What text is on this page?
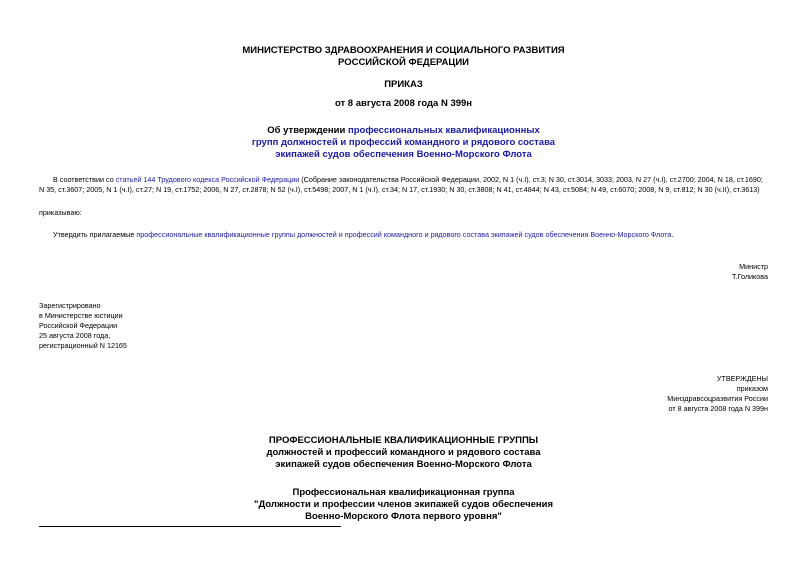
МИНИСТЕРСТВО ЗДРАВООХРАНЕНИЯ И СОЦИАЛЬНОГО РАЗВИТИЯ
РОССИЙСКОЙ ФЕДЕРАЦИИ
ПРИКАЗ
от 8 августа 2008 года N 399н
Об утверждении профессиональных квалификационных
групп должностей и профессий командного и рядового состава
экипажей судов обеспечения Военно-Морского Флота
В соответствии со статьей 144 Трудового кодекса Российской Федерации (Собрание законодательства Российской Федерации, 2002, N 1 (ч.I), ст.3; N 30, ст.3014, 3033; 2003, N 27 (ч.I), ст.2700; 2004, N 18, ст.1690;
N 35, ст.3607; 2005, N 1 (ч.I), ст.27; N 19, ст.1752; 2006, N 27, ст.2878; N 52 (ч.I), ст.5498; 2007, N 1 (ч.I), ст.34; N 17, ст.1930; N 30, ст.3808; N 41, ст.4844; N 43, ст.5084; N 49, ст.6070; 2008, N 9, ст.812; N 30 (ч.II), ст.3613)
приказываю:
Утвердить прилагаемые профессиональные квалификационные группы должностей и профессий командного и рядового состава экипажей судов обеспечения Военно-Морского Флота.
Министр
Т.Голикова
Зарегистрировано
в Министерстве юстиции
Российской Федерации
25 августа 2008 года,
регистрационный N 12165
УТВЕРЖДЕНЫ
приказом
Минздравсоцразвития России
от 8 августа 2008 года N 399н
ПРОФЕССИОНАЛЬНЫЕ КВАЛИФИКАЦИОННЫЕ ГРУППЫ
должностей и профессий командного и рядового состава
экипажей судов обеспечения Военно-Морского Флота
Профессиональная квалификационная группа
"Должности и профессии членов экипажей судов обеспечения
Военно-Морского Флота первого уровня"
